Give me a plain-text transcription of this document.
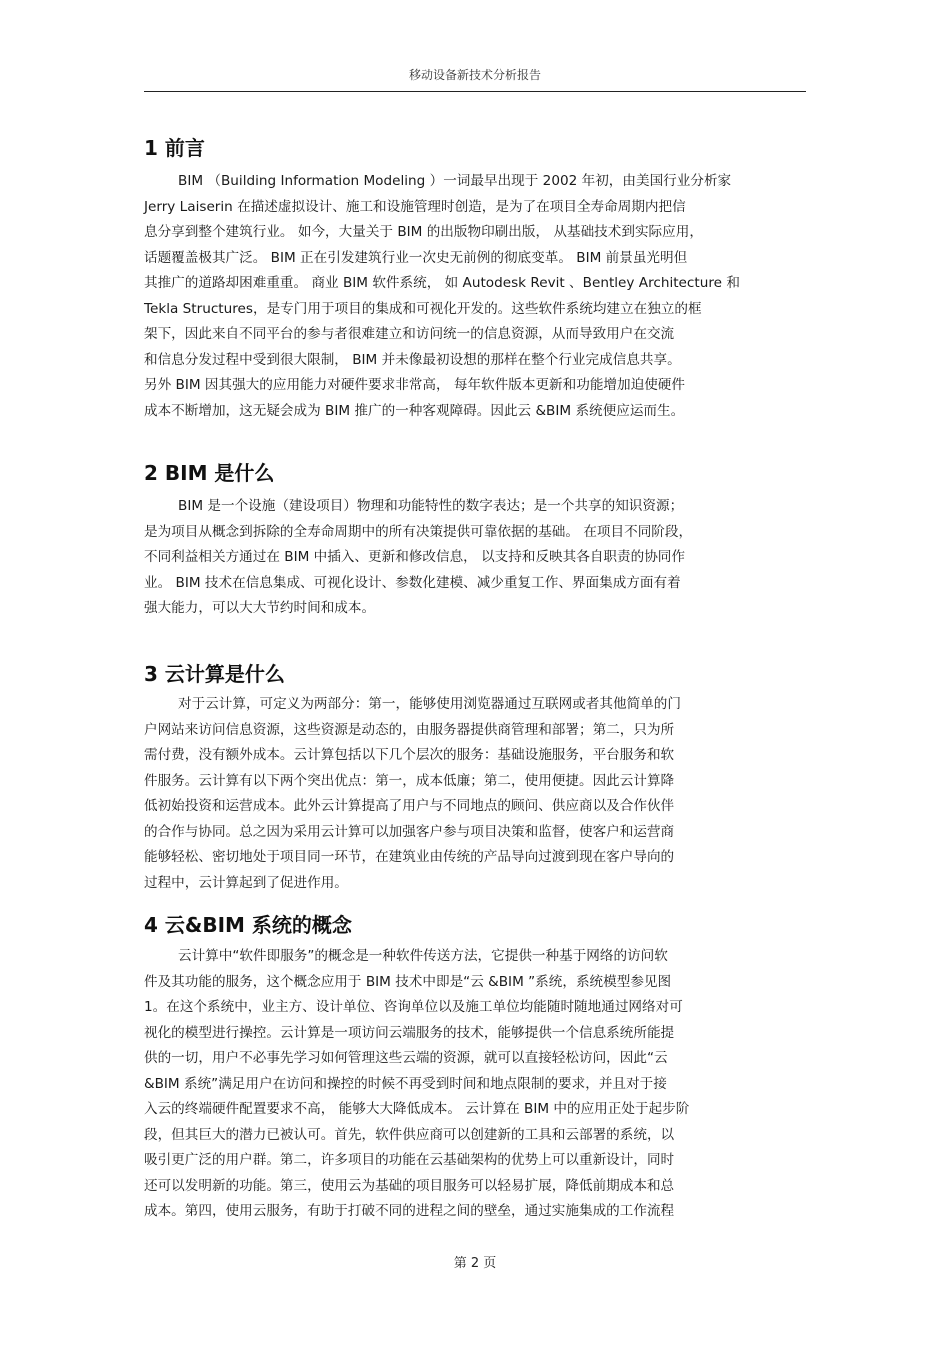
移动设备新技术分析报告
1 前言
BIM （Building Information Modeling ）一词最早出现于 2002 年初，由美国行业分析家
Jerry Laiserin 在描述虚拟设计、施工和设施管理时创造，是为了在项目全寿命周期内把信
息分享到整个建筑行业。 如今，大量关于 BIM 的出版物印刷出版， 从基础技术到实际应用，
话题覆盖极其广泛。 BIM 正在引发建筑行业一次史无前例的彻底变革。 BIM 前景虽光明但
其推广的道路却困难重重。 商业 BIM 软件系统， 如 Autodesk Revit 、Bentley Architecture 和
Tekla Structures，是专门用于项目的集成和可视化开发的。这些软件系统均建立在独立的框
架下，因此来自不同平台的参与者很难建立和访问统一的信息资源，从而导致用户在交流
和信息分发过程中受到很大限制， BIM 并未像最初设想的那样在整个行业完成信息共享。
另外 BIM 因其强大的应用能力对硬件要求非常高， 每年软件版本更新和功能增加迫使硬件
成本不断增加，这无疑会成为 BIM 推广的一种客观障碍。因此云 &BIM 系统便应运而生。
2 BIM 是什么
BIM 是一个设施（建设项目）物理和功能特性的数字表达；是一个共享的知识资源；
是为项目从概念到拆除的全寿命周期中的所有决策提供可靠依据的基础。 在项目不同阶段，
不同利益相关方通过在 BIM 中插入、更新和修改信息， 以支持和反映其各自职责的协同作
业。 BIM 技术在信息集成、可视化设计、参数化建模、减少重复工作、界面集成方面有着
强大能力，可以大大节约时间和成本。
3 云计算是什么
对于云计算，可定义为两部分：第一，能够使用浏览器通过互联网或者其他简单的门
户网站来访问信息资源，这些资源是动态的，由服务器提供商管理和部署；第二，只为所
需付费，没有额外成本。云计算包括以下几个层次的服务：基础设施服务，平台服务和软
件服务。云计算有以下两个突出优点：第一，成本低廉；第二，使用便捷。因此云计算降
低初始投资和运营成本。此外云计算提高了用户与不同地点的顾问、供应商以及合作伙伴
的合作与协同。总之因为采用云计算可以加强客户参与项目决策和监督，使客户和运营商
能够轻松、密切地处于项目同一环节，在建筑业由传统的产品导向过渡到现在客户导向的
过程中，云计算起到了促进作用。
4 云&BIM 系统的概念
云计算中“软件即服务”的概念是一种软件传送方法，它提供一种基于网络的访问软
件及其功能的服务，这个概念应用于 BIM 技术中即是“云 &BIM ”系统，系统模型参见图
1。在这个系统中，业主方、设计单位、咨询单位以及施工单位均能随时随地通过网络对可
视化的模型进行操控。云计算是一项访问云端服务的技术，能够提供一个信息系统所能提
供的一切，用户不必事先学习如何管理这些云端的资源，就可以直接轻松访问，因此“云
&BIM 系统”满足用户在访问和操控的时候不再受到时间和地点限制的要求，并且对于接
入云的终端硬件配置要求不高， 能够大大降低成本。 云计算在 BIM 中的应用正处于起步阶
段，但其巨大的潜力已被认可。首先，软件供应商可以创建新的工具和云部署的系统，以
吸引更广泛的用户群。第二，许多项目的功能在云基础架构的优势上可以重新设计，同时
还可以发明新的功能。第三，使用云为基础的项目服务可以轻易扩展，降低前期成本和总
成本。第四，使用云服务，有助于打破不同的进程之间的壁垒，通过实施集成的工作流程
第 2 页
